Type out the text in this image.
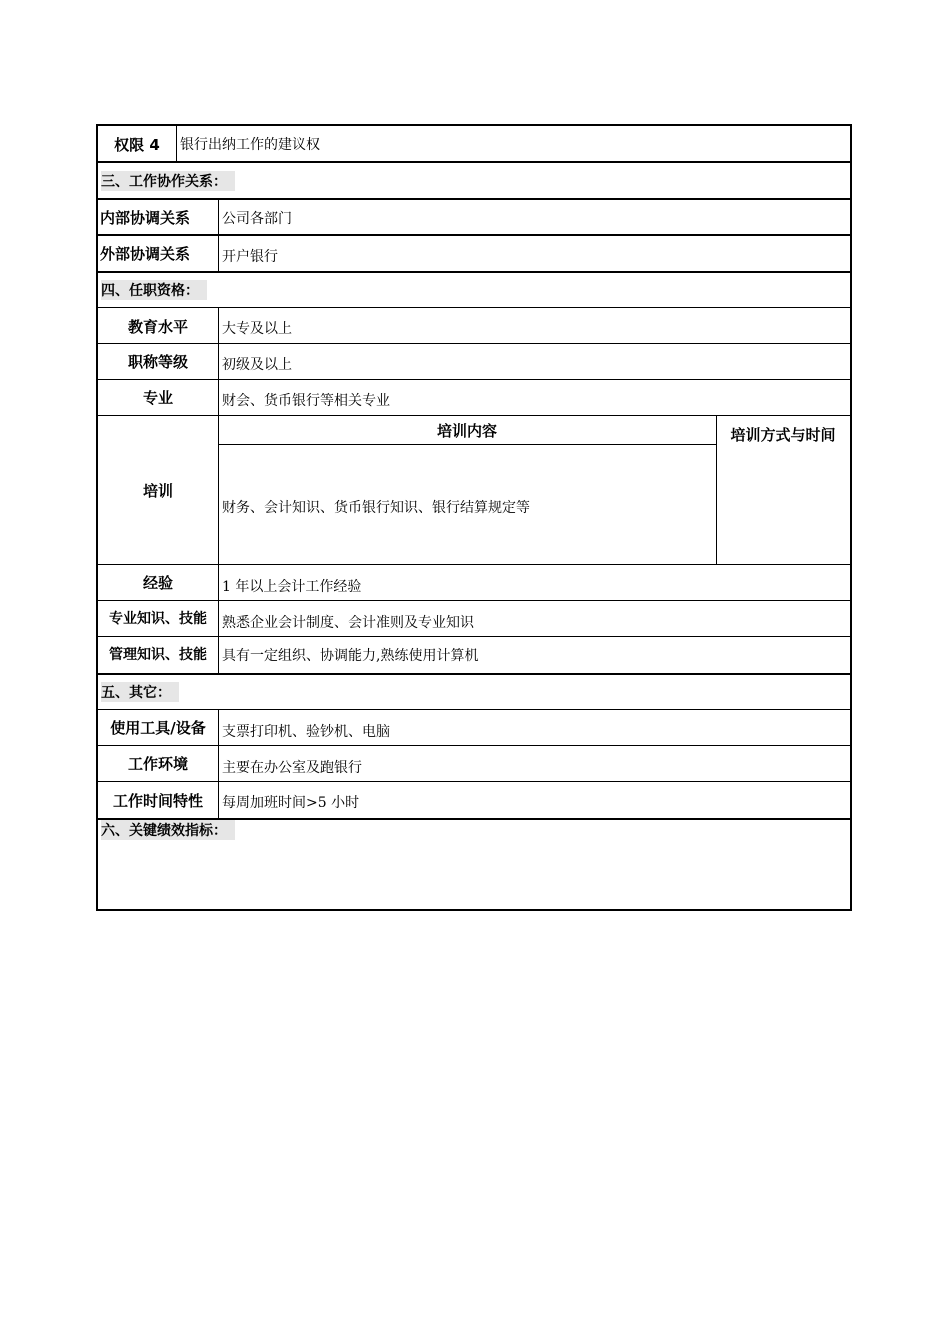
权限 4	银行出纳工作的建议权
三、工作协作关系：
内部协调关系	公司各部门
外部协调关系	开户银行
四、任职资格：
教育水平	大专及以上
职称等级	初级及以上
专业	财会、货币银行等相关专业
培训
培训内容	培训方式与时间
财务、会计知识、货币银行知识、银行结算规定等
经验	1 年以上会计工作经验
专业知识、技能 熟悉企业会计制度、会计准则及专业知识
管理知识、技能 具有一定组织、协调能力,熟练使用计算机
五、其它：
使用工具/设备	支票打印机、验钞机、电脑
工作环境	主要在办公室及跑银行
工作时间特性	每周加班时间>5 小时
六、关键绩效指标：
